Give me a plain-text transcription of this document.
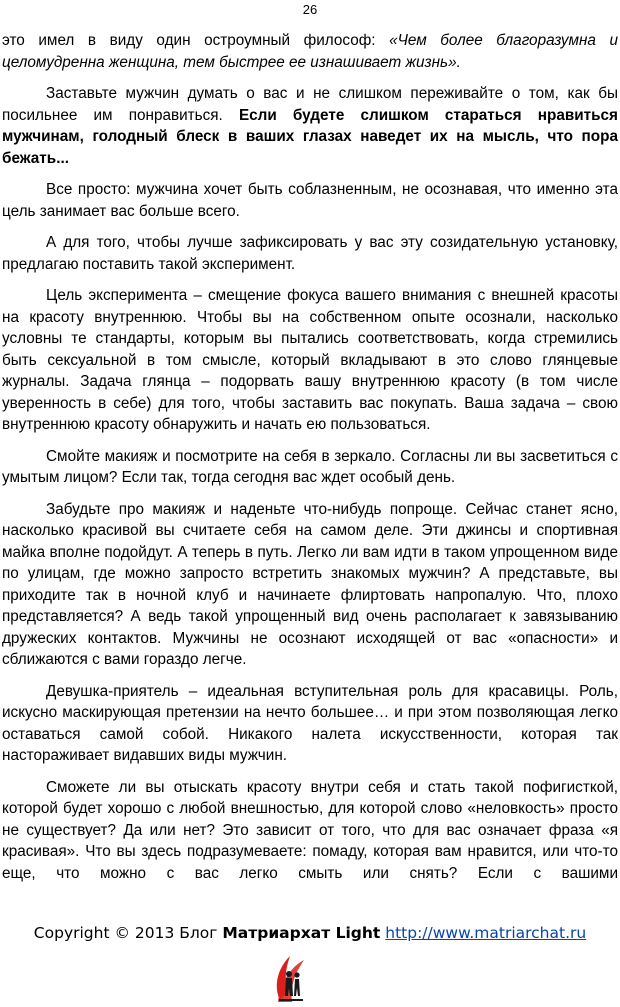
26

это имел в виду один остроумный философ: «Чем более благоразумна и целомудренна женщина, тем быстрее ее изнашивает жизнь».

Заставьте мужчин думать о вас и не слишком переживайте о том, как бы посильнее им понравиться. Если будете слишком стараться нравиться мужчинам, голодный блеск в ваших глазах наведет их на мысль, что пора бежать...

Все просто: мужчина хочет быть соблазненным, не осознавая, что именно эта цель занимает вас больше всего.

А для того, чтобы лучше зафиксировать у вас эту созидательную установку, предлагаю поставить такой эксперимент.

Цель эксперимента – смещение фокуса вашего внимания с внешней красоты на красоту внутреннюю. Чтобы вы на собственном опыте осознали, насколько условны те стандарты, которым вы пытались соответствовать, когда стремились быть сексуальной в том смысле, который вкладывают в это слово глянцевые журналы. Задача глянца – подорвать вашу внутреннюю красоту (в том числе уверенность в себе) для того, чтобы заставить вас покупать. Ваша задача – свою внутреннюю красоту обнаружить и начать ею пользоваться.

Смойте макияж и посмотрите на себя в зеркало. Согласны ли вы засветиться с умытым лицом? Если так, тогда сегодня вас ждет особый день.

Забудьте про макияж и наденьте что-нибудь попроще. Сейчас станет ясно, насколько красивой вы считаете себя на самом деле. Эти джинсы и спортивная майка вполне подойдут. А теперь в путь. Легко ли вам идти в таком упрощенном виде по улицам, где можно запросто встретить знакомых мужчин? А представьте, вы приходите так в ночной клуб и начинаете флиртовать напропалую. Что, плохо представляется? А ведь такой упрощенный вид очень располагает к завязыванию дружеских контактов. Мужчины не осознают исходящей от вас «опасности» и сближаются с вами гораздо легче.

Девушка-приятель – идеальная вступительная роль для красавицы. Роль, искусно маскирующая претензии на нечто большее… и при этом позволяющая легко оставаться самой собой. Никакого налета искусственности, которая так настораживает видавших виды мужчин.

Сможете ли вы отыскать красоту внутри себя и стать такой пофигисткой, которой будет хорошо с любой внешностью, для которой слово «неловкость» просто не существует? Да или нет? Это зависит от того, что для вас означает фраза «я красивая». Что вы здесь подразумеваете: помаду, которая вам нравится, или что-то еще, что можно с вас легко смыть или снять? Если с вашими

Copyright © 2013 Блог Матриархат Light http://www.matriarchat.ru
